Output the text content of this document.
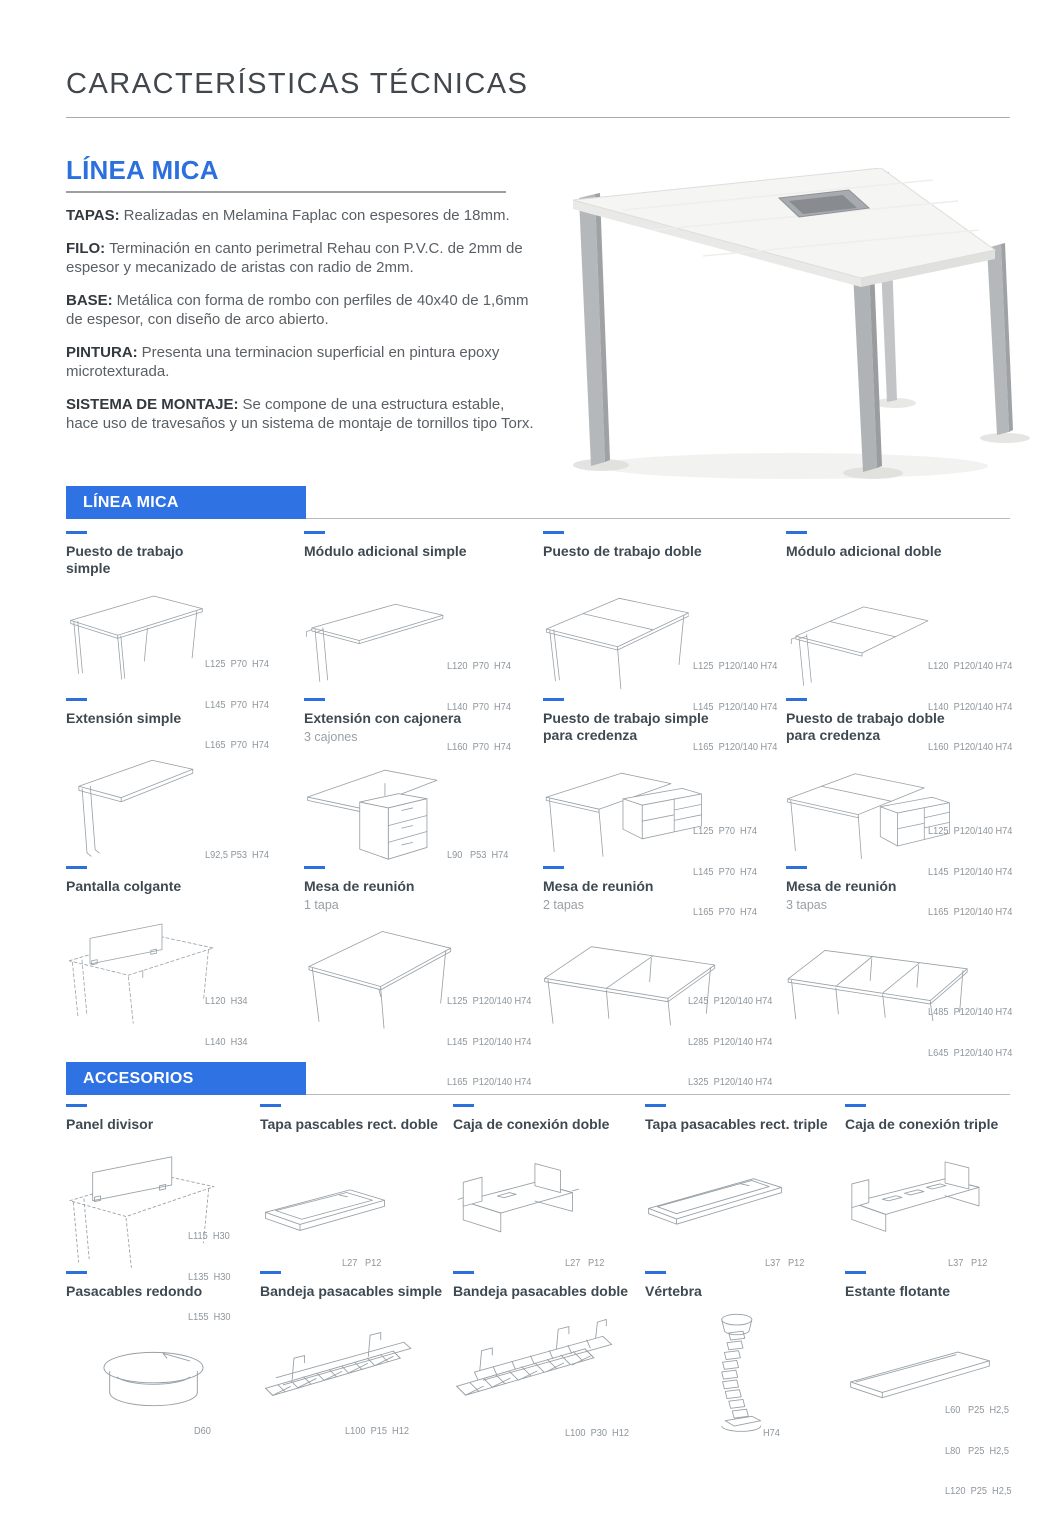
CARACTERÍSTICAS TÉCNICAS
LÍNEA MICA
TAPAS: Realizadas en Melamina Faplac con espesores de 18mm.
FILO: Terminación en canto perimetral Rehau con P.V.C. de 2mm de espesor y mecanizado de aristas con radio de 2mm.
BASE: Metálica con forma de rombo con perfiles de 40x40 de 1,6mm de espesor, con diseño de arco abierto.
PINTURA: Presenta una terminacion superficial en pintura epoxy microtexturada.
SISTEMA DE MONTAJE: Se compone de una estructura estable, hace uso de travesaños y un sistema de montaje de tornillos tipo Torx.
LÍNEA MICA
Puesto de trabajo simple

L125  P70  H74

L145  P70  H74

L165  P70  H74

Módulo adicional simple

L120  P70  H74

L140  P70  H74

L160  P70  H74

Puesto de trabajo doble

L125  P120/140 H74

L145  P120/140 H74

L165  P120/140 H74

Módulo adicional doble

L120  P120/140 H74

L140  P120/140 H74

L160  P120/140 H74

Extensión simple

L92,5 P53  H74

Extensión con cajonera
3 cajones

L90   P53  H74

Puesto de trabajo simple para credenza

L125  P70  H74

L145  P70  H74

L165  P70  H74

Puesto de trabajo doble para credenza

L125  P120/140 H74

L145  P120/140 H74

L165  P120/140 H74

Pantalla colgante

L120  H34

L140  H34

Mesa de reunión
1 tapa

L125  P120/140 H74

L145  P120/140 H74

L165  P120/140 H74

Mesa de reunión
2 tapas

L245  P120/140 H74

L285  P120/140 H74

L325  P120/140 H74

Mesa de reunión
3 tapas

L485  P120/140 H74

L645  P120/140 H74

ACCESORIOS
Panel divisor

L115  H30

L135  H30

L155  H30

Tapa pascables rect. doble

L27   P12

Caja de conexión doble

L27   P12

Tapa pasacables rect. triple

L37   P12

Caja de conexión triple

L37   P12

Pasacables redondo

D60

Bandeja pasacables simple

L100  P15  H12

Bandeja pasacables doble

L100  P30  H12

Vértebra

H74

Estante flotante

L60   P25  H2,5

L80   P25  H2,5

L120  P25  H2,5
